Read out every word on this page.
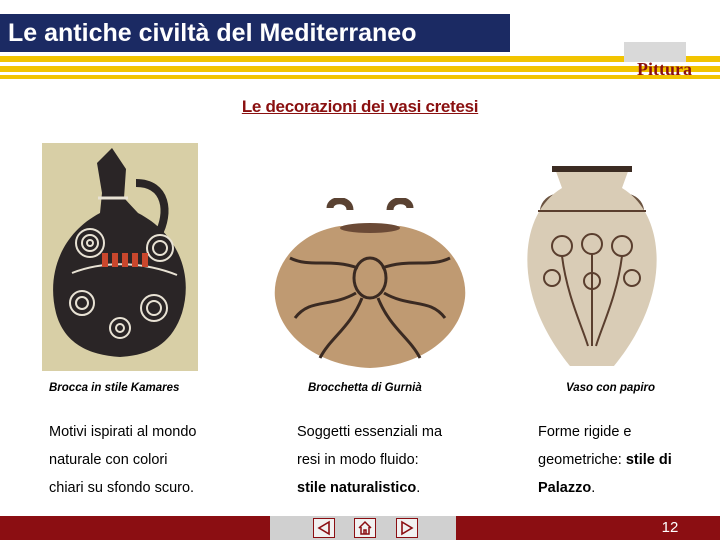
Le antiche civiltà del Mediterraneo
Pittura
Le decorazioni dei vasi cretesi
Brocca in stile Kamares	Brocchetta di Gurnià	Vaso con papiro
Motivi ispirati al mondo
naturale con colori
chiari su sfondo scuro.
Soggetti essenziali ma
resi in modo fluido:
stile naturalistico.
Forme rigide e
geometriche: stile di
Palazzo.
12
